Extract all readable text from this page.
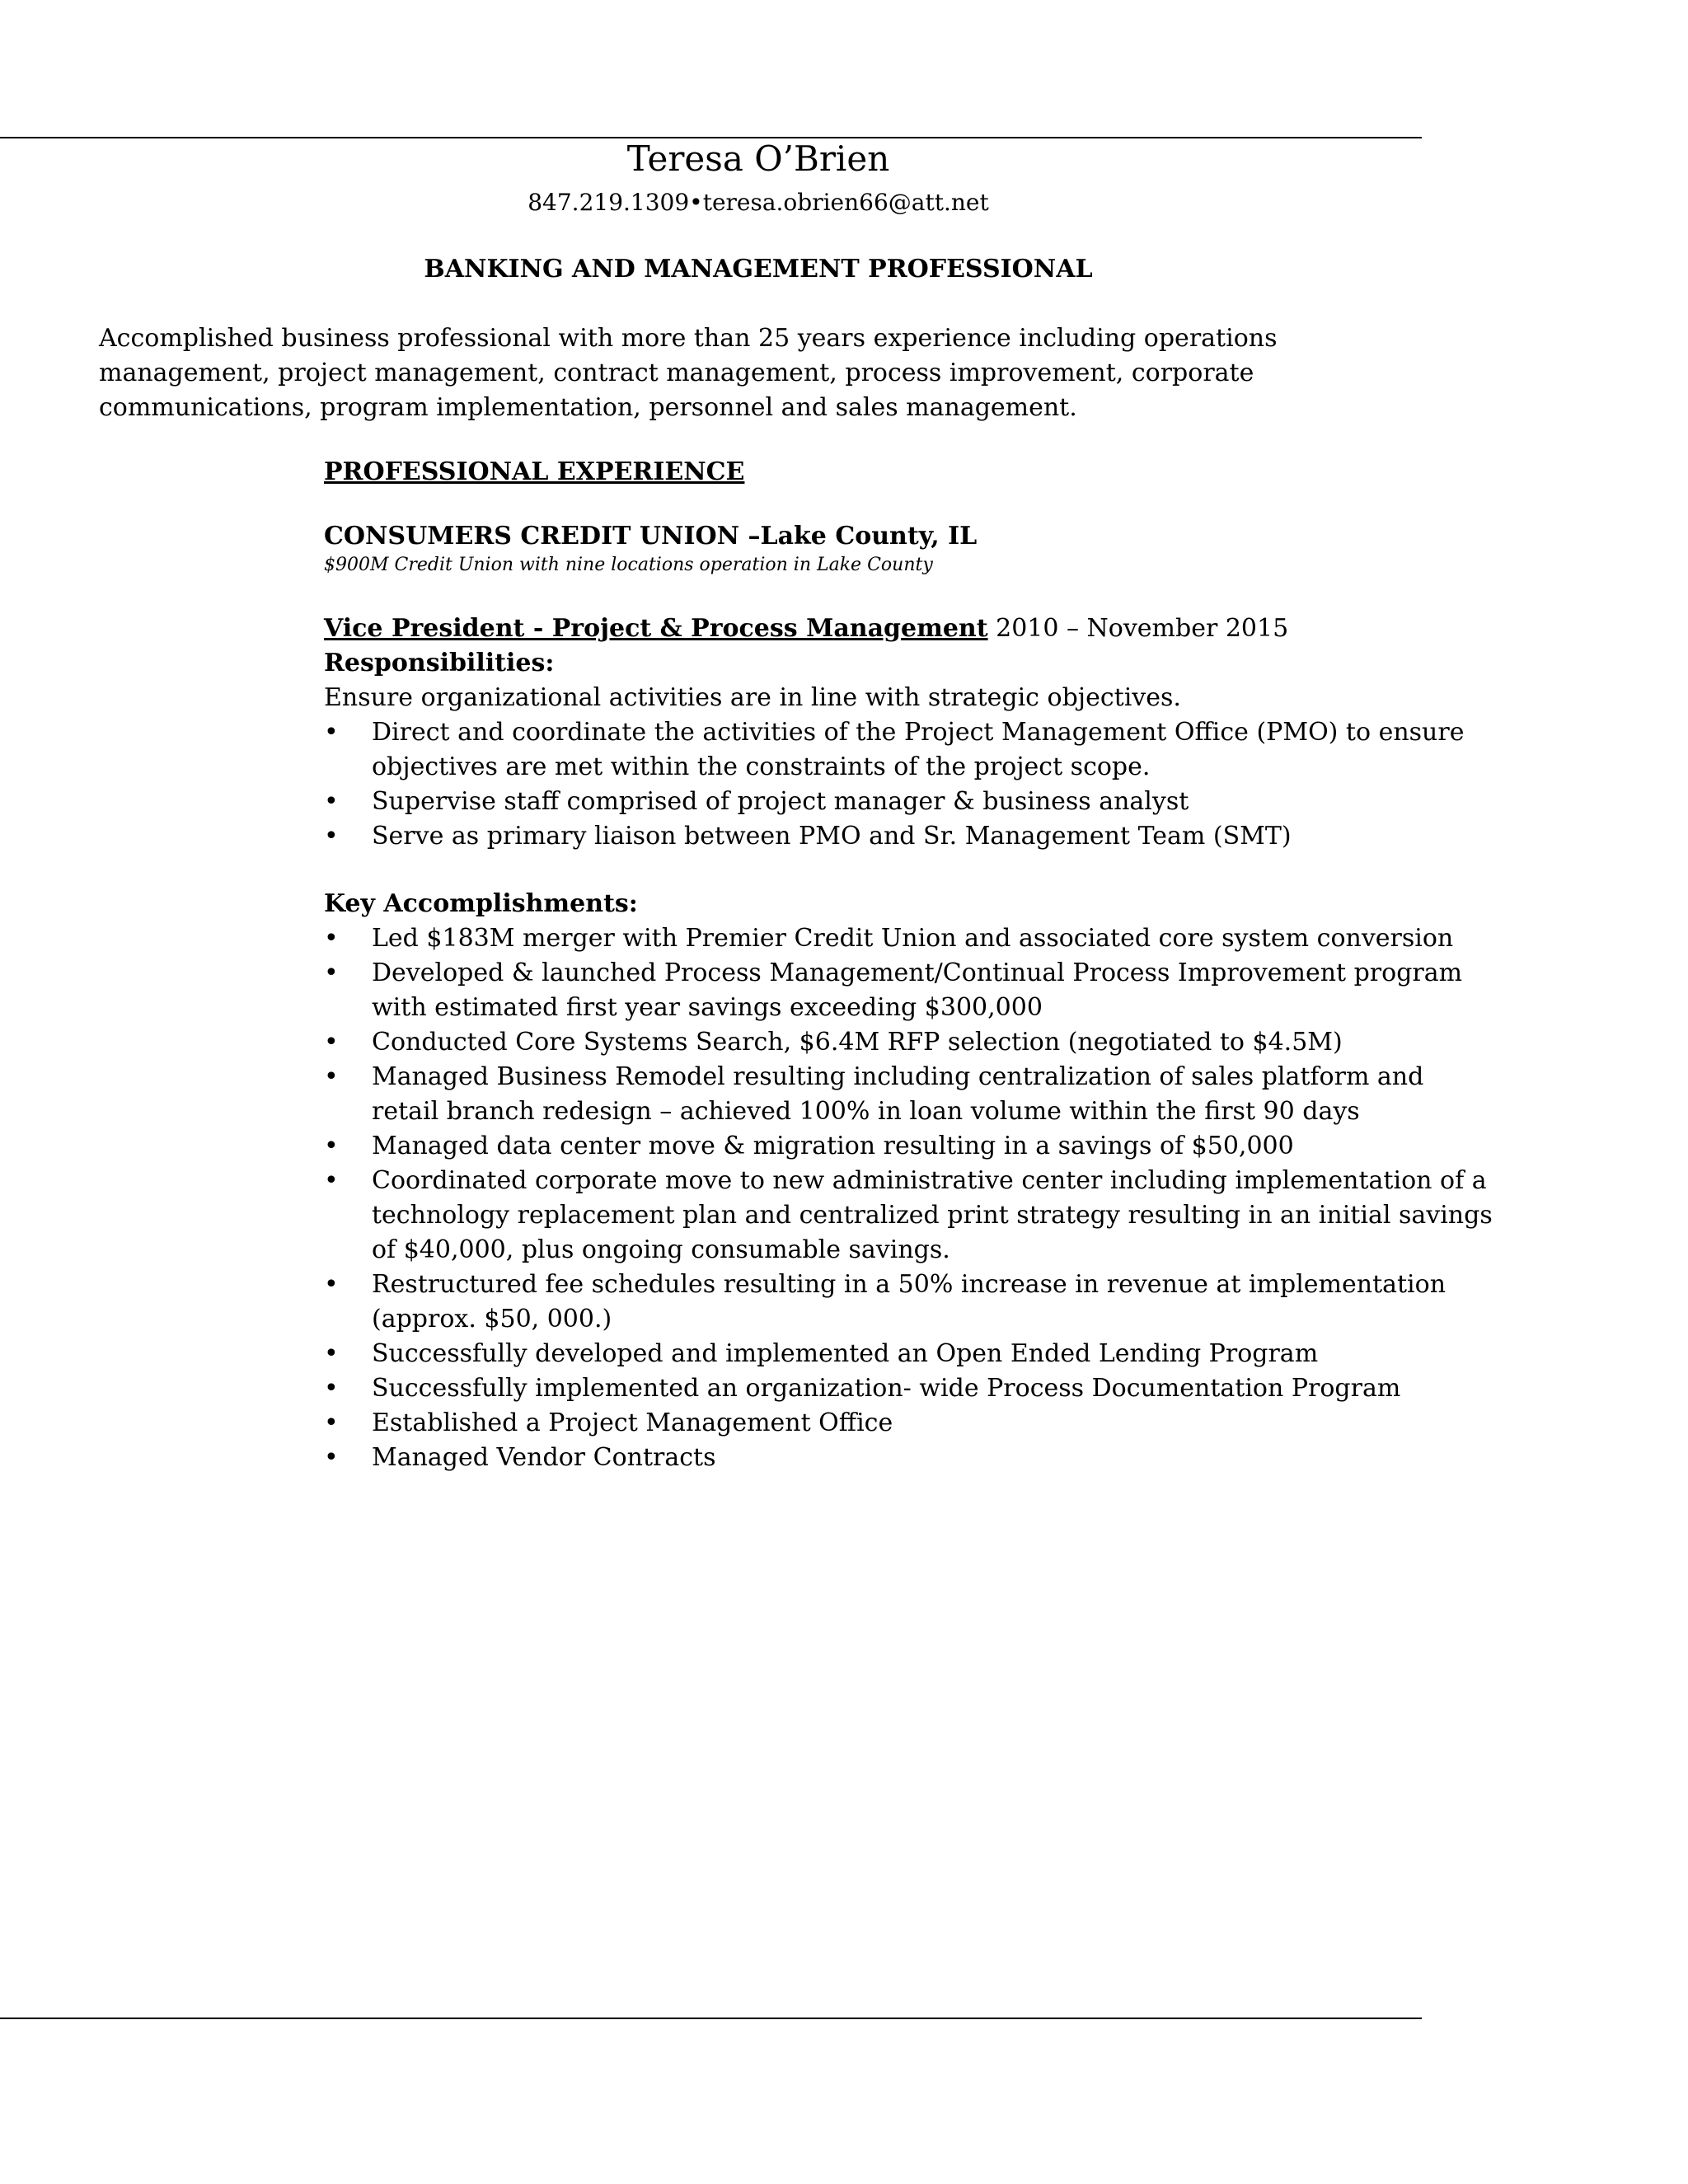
Teresa O’Brien
847.219.1309•teresa.obrien66@att.net
BANKING AND MANAGEMENT PROFESSIONAL
Accomplished business professional with more than 25 years experience including operations management, project management, contract management, process improvement, corporate communications, program implementation, personnel and sales management.
PROFESSIONAL EXPERIENCE
CONSUMERS CREDIT UNION –Lake County, IL
$900M Credit Union with nine locations operation in Lake County
Vice President - Project & Process Management 2010 – November 2015
Responsibilities:
Ensure organizational activities are in line with strategic objectives.
• Direct and coordinate the activities of the Project Management Office (PMO) to ensure objectives are met within the constraints of the project scope.
• Supervise staff comprised of project manager & business analyst
• Serve as primary liaison between PMO and Sr. Management Team (SMT)
Key Accomplishments:
• Led $183M merger with Premier Credit Union and associated core system conversion
• Developed & launched Process Management/Continual Process Improvement program with estimated first year savings exceeding $300,000
• Conducted Core Systems Search, $6.4M RFP selection (negotiated to $4.5M)
• Managed Business Remodel resulting including centralization of sales platform and retail branch redesign – achieved 100% in loan volume within the first 90 days
• Managed data center move & migration resulting in a savings of $50,000
• Coordinated corporate move to new administrative center including implementation of a technology replacement plan and centralized print strategy resulting in an initial savings of $40,000, plus ongoing consumable savings.
• Restructured fee schedules resulting in a 50% increase in revenue at implementation (approx. $50, 000.)
• Successfully developed and implemented an Open Ended Lending Program
• Successfully implemented an organization- wide Process Documentation Program
• Established a Project Management Office
• Managed Vendor Contracts
